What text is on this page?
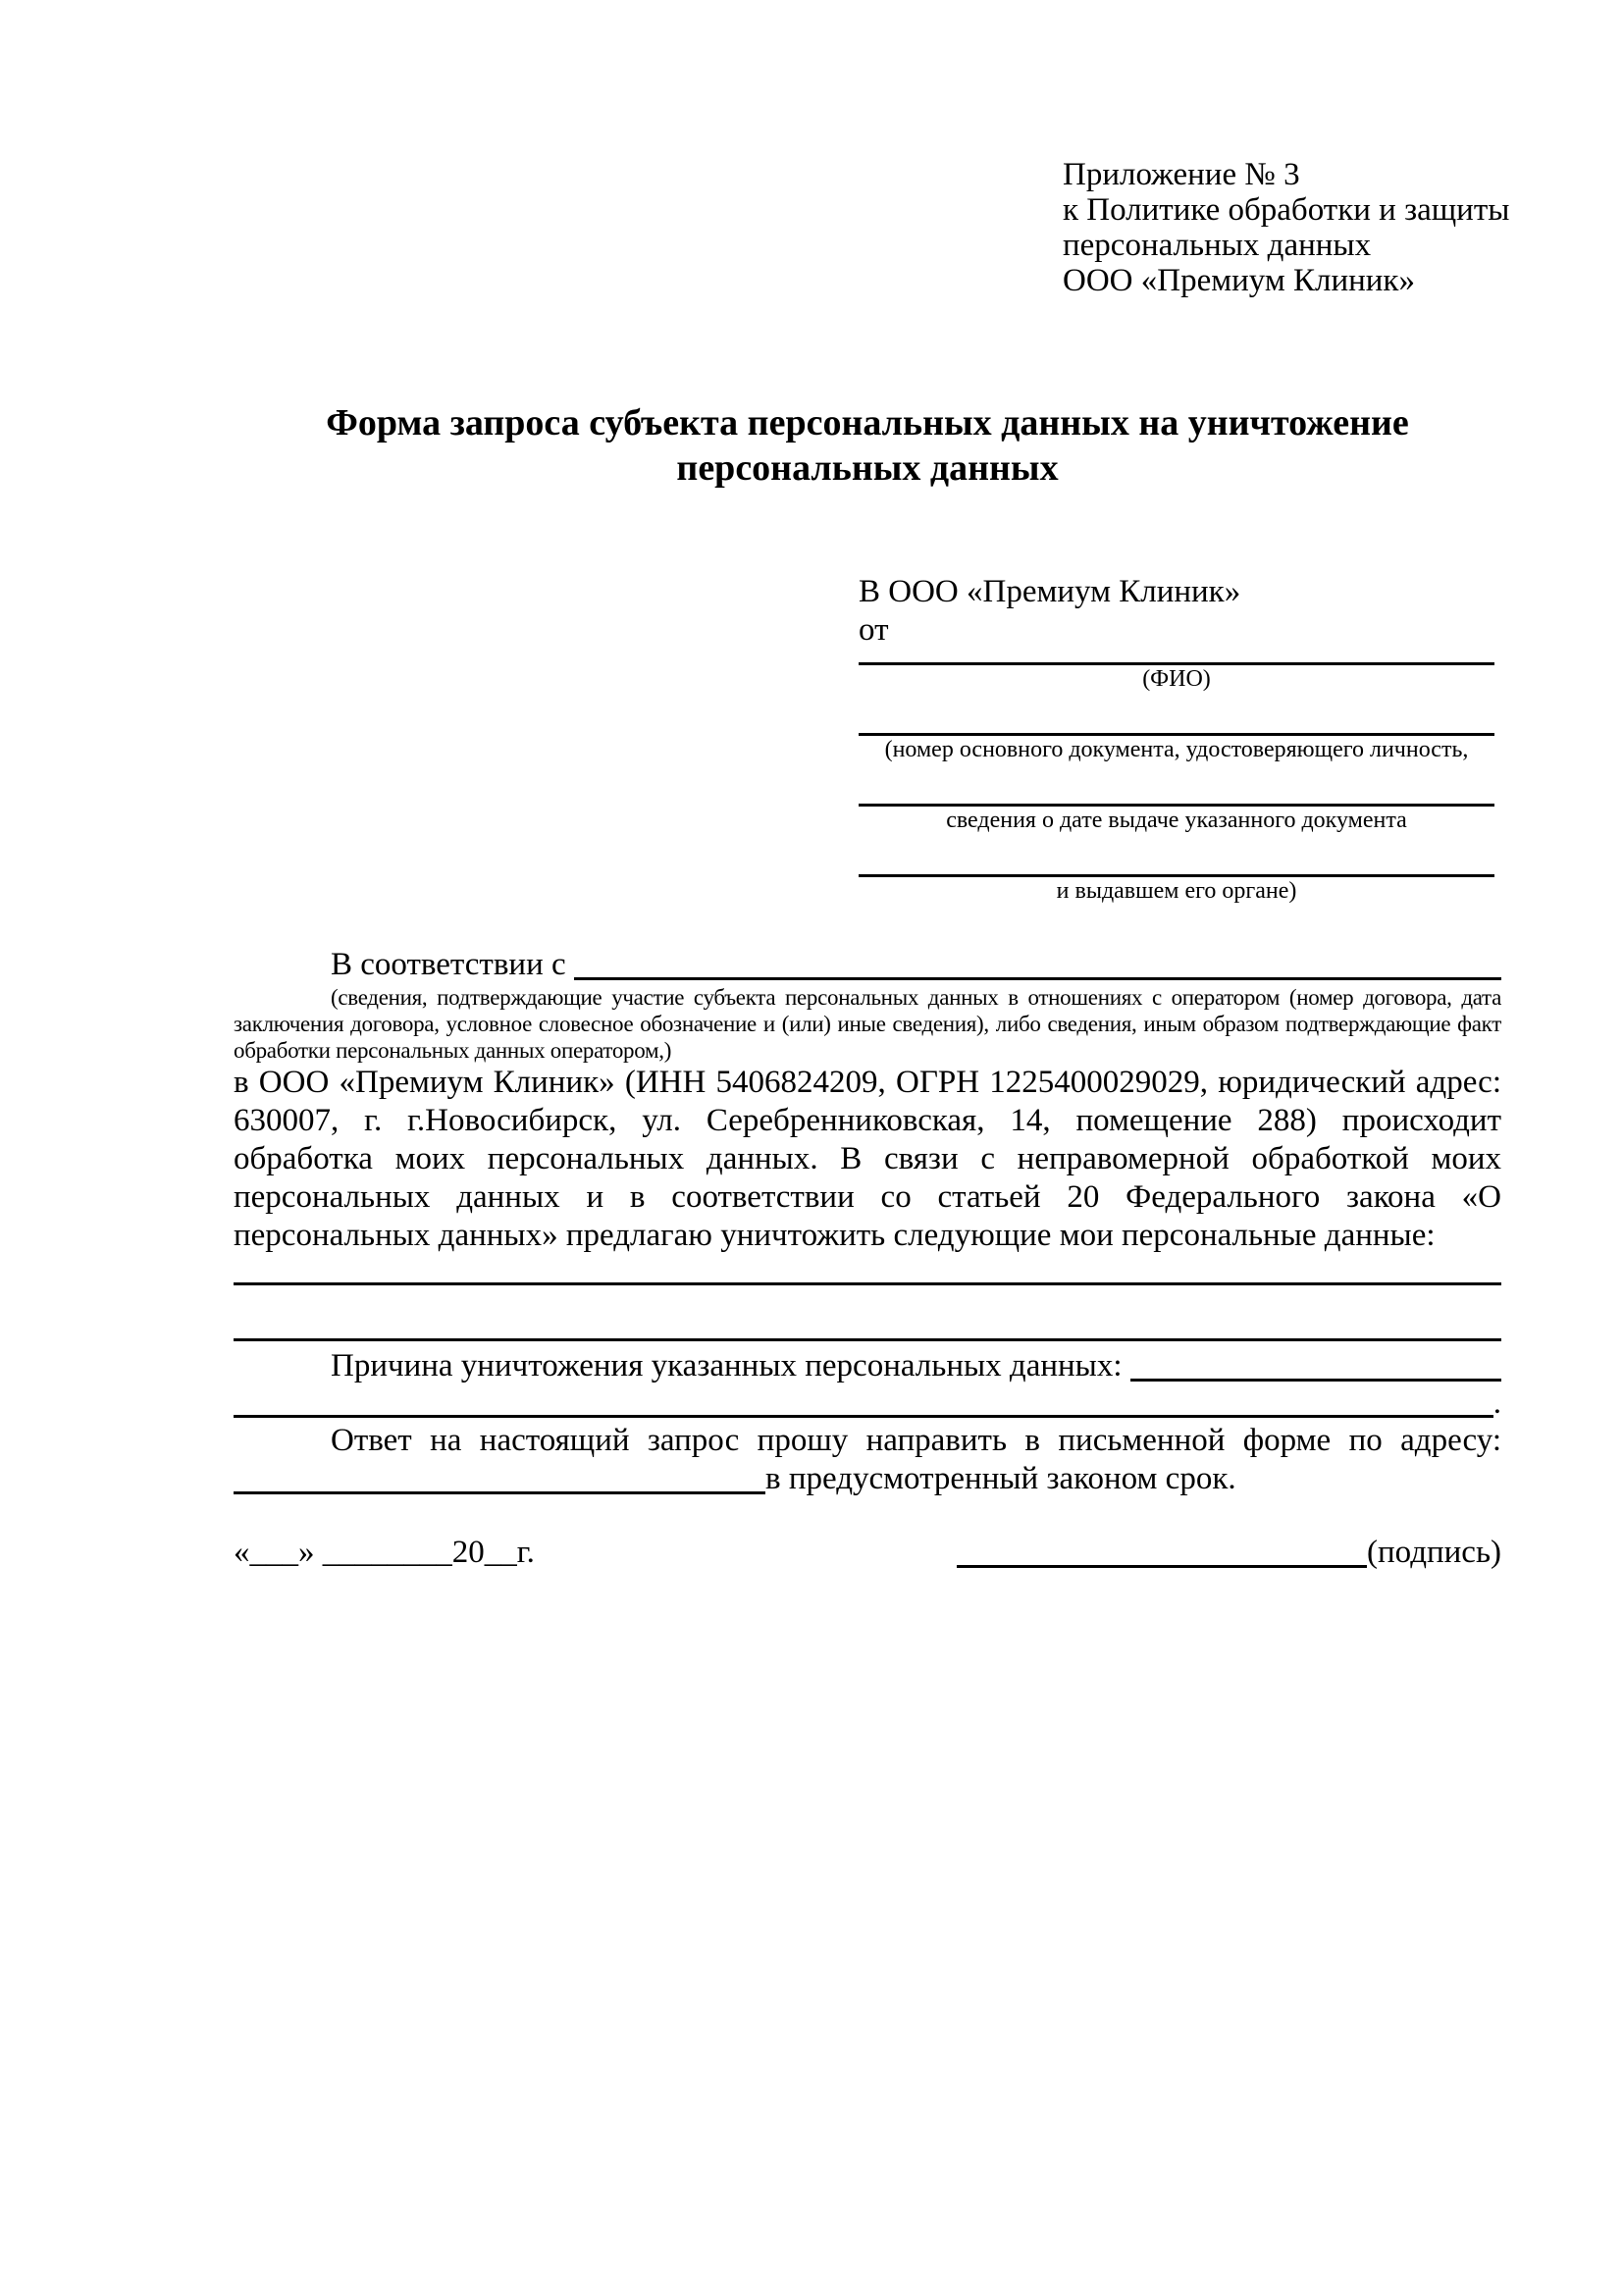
Приложение № 3
к Политике обработки и защиты
персональных данных
ООО «Премиум Клиник»
Форма запроса субъекта персональных данных на уничтожение
персональных данных
В ООО «Премиум Клиник»
от
(ФИО)
(номер основного документа, удостоверяющего личность,
сведения о дате выдаче указанного документа
и выдавшем его органе)
В соответствии с
(сведения, подтверждающие участие субъекта персональных данных в отношениях с оператором (номер договора, дата
заключения договора, условное словесное обозначение и (или) иные сведения), либо сведения, иным образом подтверждающие факт
обработки персональных данных оператором,)
в ООО «Премиум Клиник» (ИНН 5406824209, ОГРН 1225400029029, юридический адрес:
630007, г. г.Новосибирск, ул. Серебренниковская, 14, помещение 288) происходит
обработка моих персональных данных. В связи с неправомерной обработкой моих
персональных данных и в соответствии со статьей 20 Федерального закона «О
персональных данных» предлагаю уничтожить следующие мои персональные данные:
Причина уничтожения указанных персональных данных:
.
Ответ на настоящий запрос прошу направить в письменной форме по адресу:
в предусмотренный законом срок.
«___» ________20__г.	(подпись)
